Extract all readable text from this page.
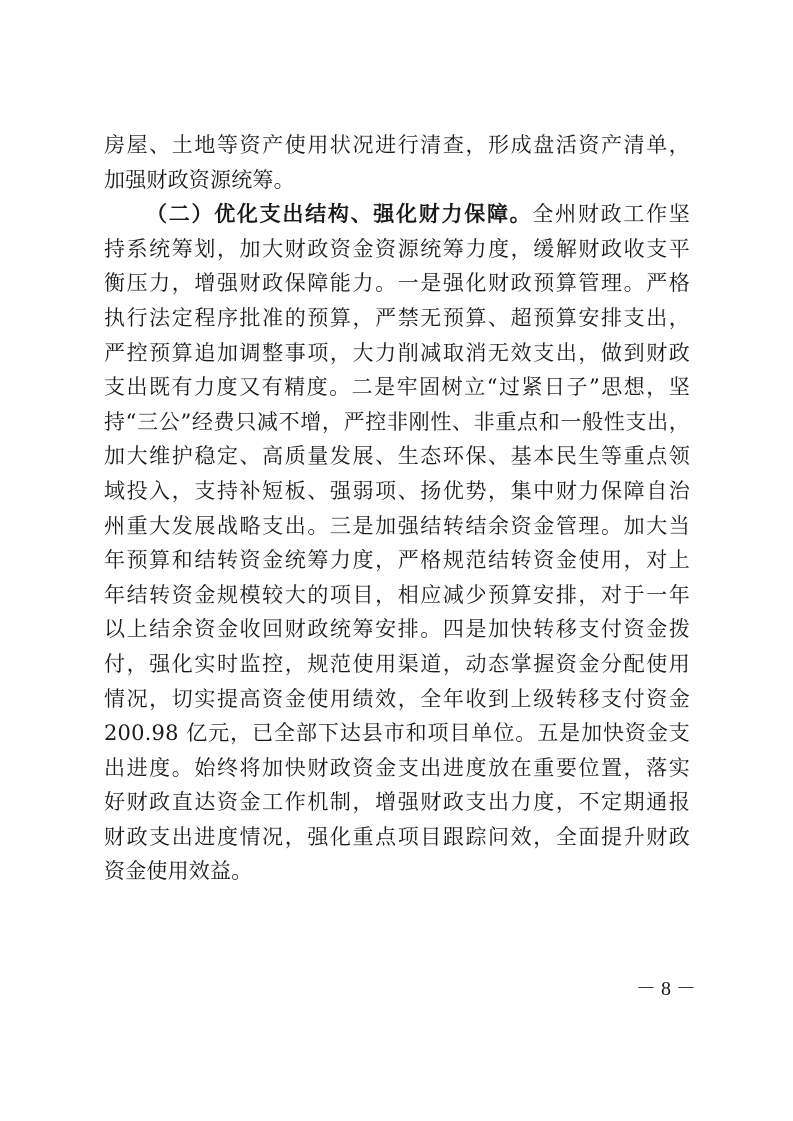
房屋、土地等资产使用状况进行清查，形成盘活资产清单，
加强财政资源统筹。
（二）优化支出结构、强化财力保障。全州财政工作坚
持系统筹划，加大财政资金资源统筹力度，缓解财政收支平
衡压力，增强财政保障能力。一是强化财政预算管理。严格
执行法定程序批准的预算，严禁无预算、超预算安排支出，
严控预算追加调整事项，大力削减取消无效支出，做到财政
支出既有力度又有精度。二是牢固树立“过紧日子”思想，坚
持“三公”经费只减不增，严控非刚性、非重点和一般性支出，
加大维护稳定、高质量发展、生态环保、基本民生等重点领
域投入，支持补短板、强弱项、扬优势，集中财力保障自治
州重大发展战略支出。三是加强结转结余资金管理。加大当
年预算和结转资金统筹力度，严格规范结转资金使用，对上
年结转资金规模较大的项目，相应减少预算安排，对于一年
以上结余资金收回财政统筹安排。四是加快转移支付资金拨
付，强化实时监控，规范使用渠道，动态掌握资金分配使用
情况，切实提高资金使用绩效，全年收到上级转移支付资金
200.98 亿元，已全部下达县市和项目单位。五是加快资金支
出进度。始终将加快财政资金支出进度放在重要位置，落实
好财政直达资金工作机制，增强财政支出力度，不定期通报
财政支出进度情况，强化重点项目跟踪问效，全面提升财政
资金使用效益。
－ 8 －
